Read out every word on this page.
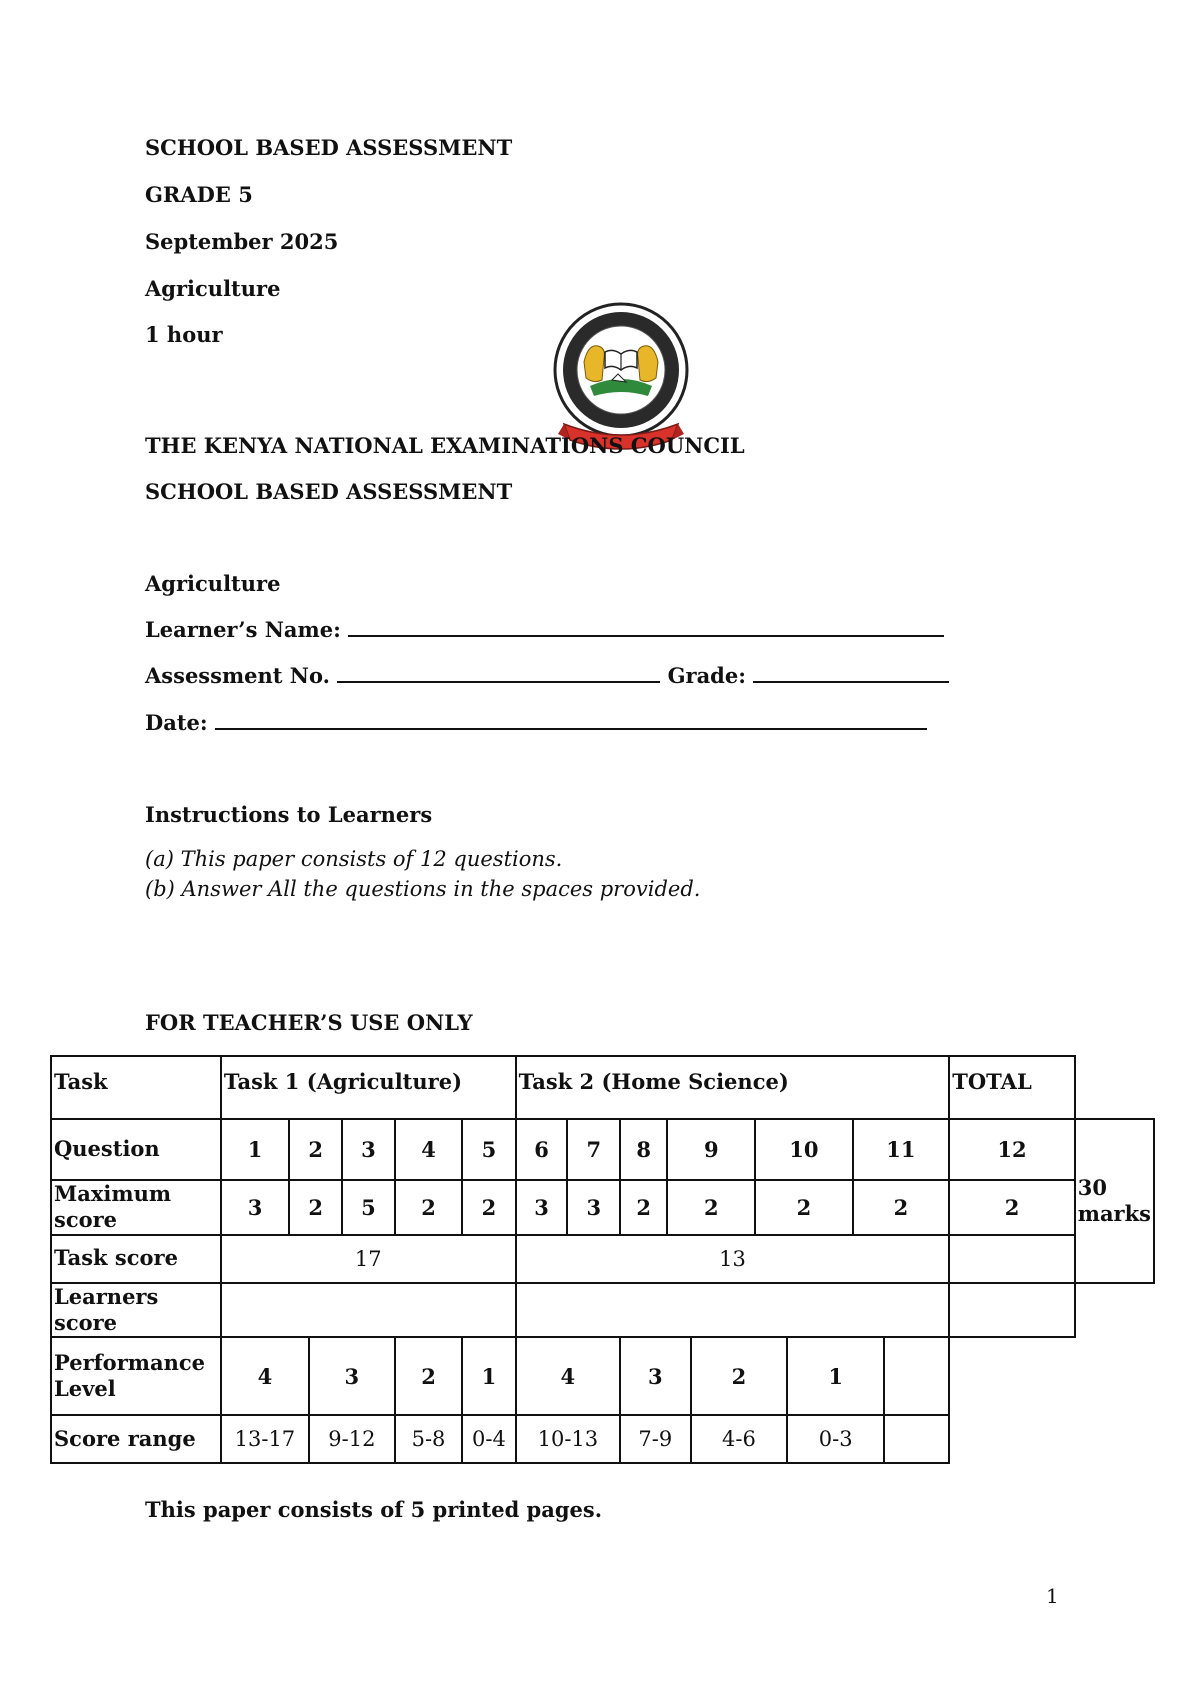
SCHOOL BASED ASSESSMENT
GRADE 5
September 2025
Agriculture
1 hour
THE KENYA NATIONAL EXAMINATIONS COUNCIL
SCHOOL BASED ASSESSMENT
Agriculture
Learner’s Name:
Assessment No.	Grade:
Date:
Instructions to Learners
(a) This paper consists of 12 questions.
(b) Answer All the questions in the spaces provided.
FOR TEACHER’S USE ONLY
Task	Task 1 (Agriculture)						Task 2 (Home Science)									TOTAL	

Question	1	2		3	4	5	6	7	8	9		10		11		12	30 marks
Maximum score	3	2		5	2	2	3	3	2	2		2		2		2	
Task score	17						13										
Learners score																	
Performance Level	4		3		2	1	4		3		2		1				
Score range	13-17		9-12		5-8	0-4	10-13		7-9		4-6		0-3				
This paper consists of 5 printed pages.
1
